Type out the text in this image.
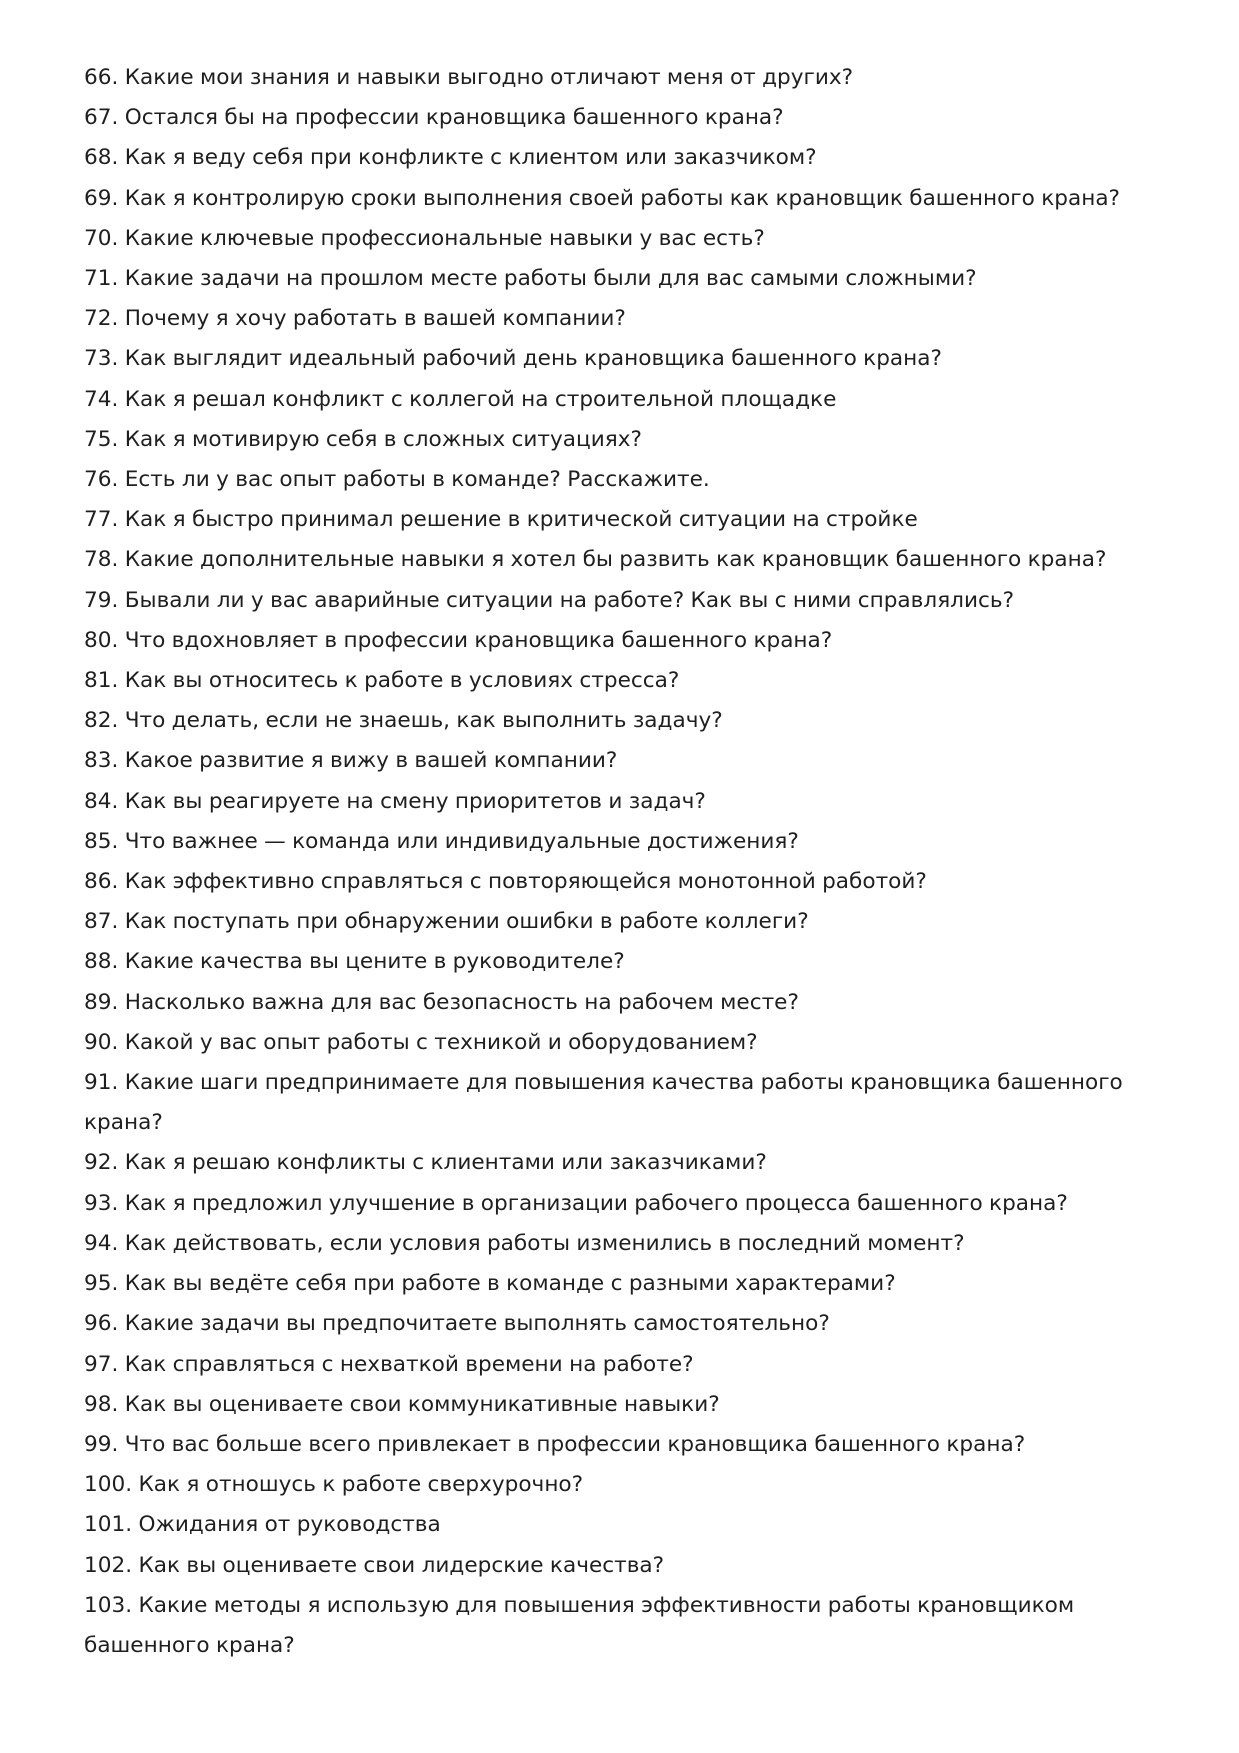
66. Какие мои знания и навыки выгодно отличают меня от других?
67. Остался бы на профессии крановщика башенного крана?
68. Как я веду себя при конфликте с клиентом или заказчиком?
69. Как я контролирую сроки выполнения своей работы как крановщик башенного крана?
70. Какие ключевые профессиональные навыки у вас есть?
71. Какие задачи на прошлом месте работы были для вас самыми сложными?
72. Почему я хочу работать в вашей компании?
73. Как выглядит идеальный рабочий день крановщика башенного крана?
74. Как я решал конфликт с коллегой на строительной площадке
75. Как я мотивирую себя в сложных ситуациях?
76. Есть ли у вас опыт работы в команде? Расскажите.
77. Как я быстро принимал решение в критической ситуации на стройке
78. Какие дополнительные навыки я хотел бы развить как крановщик башенного крана?
79. Бывали ли у вас аварийные ситуации на работе? Как вы с ними справлялись?
80. Что вдохновляет в профессии крановщика башенного крана?
81. Как вы относитесь к работе в условиях стресса?
82. Что делать, если не знаешь, как выполнить задачу?
83. Какое развитие я вижу в вашей компании?
84. Как вы реагируете на смену приоритетов и задач?
85. Что важнее — команда или индивидуальные достижения?
86. Как эффективно справляться с повторяющейся монотонной работой?
87. Как поступать при обнаружении ошибки в работе коллеги?
88. Какие качества вы цените в руководителе?
89. Насколько важна для вас безопасность на рабочем месте?
90. Какой у вас опыт работы с техникой и оборудованием?
91. Какие шаги предпринимаете для повышения качества работы крановщика башенного крана?
92. Как я решаю конфликты с клиентами или заказчиками?
93. Как я предложил улучшение в организации рабочего процесса башенного крана?
94. Как действовать, если условия работы изменились в последний момент?
95. Как вы ведёте себя при работе в команде с разными характерами?
96. Какие задачи вы предпочитаете выполнять самостоятельно?
97. Как справляться с нехваткой времени на работе?
98. Как вы оцениваете свои коммуникативные навыки?
99. Что вас больше всего привлекает в профессии крановщика башенного крана?
100. Как я отношусь к работе сверхурочно?
101. Ожидания от руководства
102. Как вы оцениваете свои лидерские качества?
103. Какие методы я использую для повышения эффективности работы крановщиком башенного крана?
